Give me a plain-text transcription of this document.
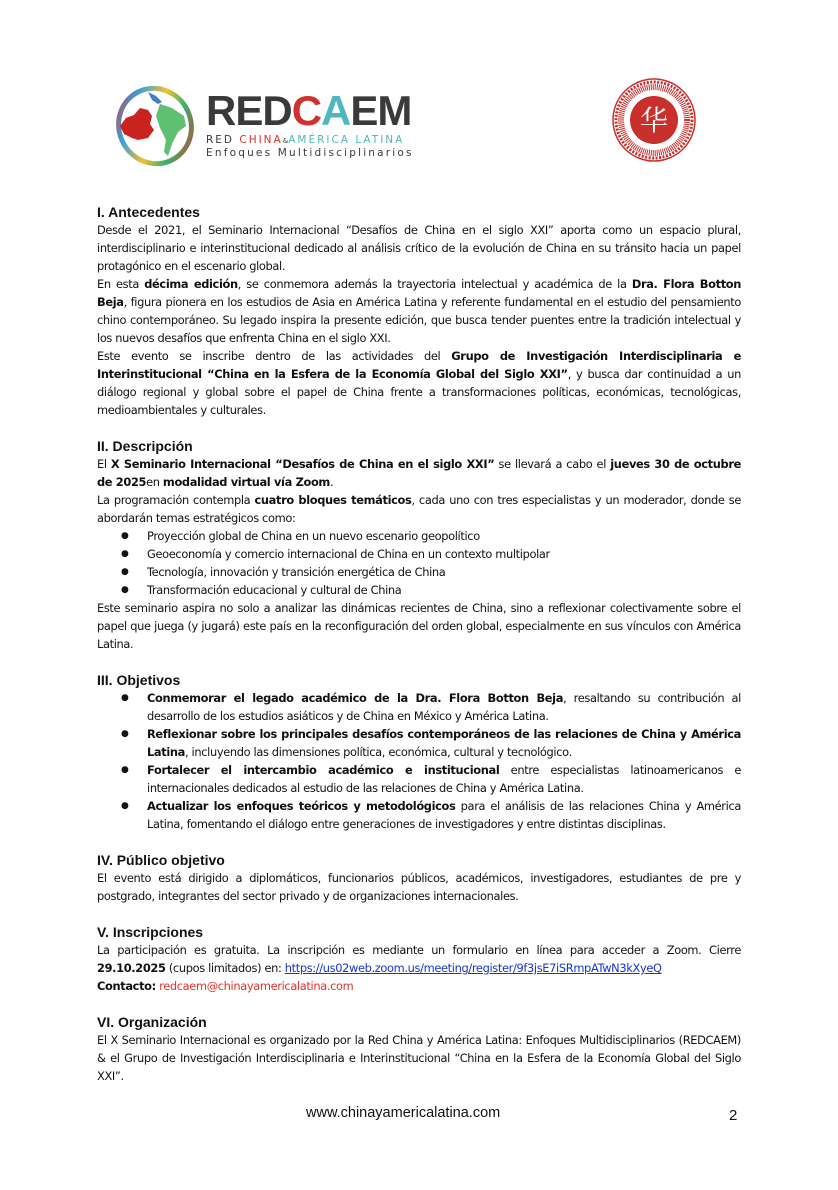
REDCAEM
RED CHINA&AMÉRICA LATINA
Enfoques Multidisciplinarios
华
I. Antecedentes

Desde el 2021, el Seminario Internacional “Desafíos de China en el siglo XXI” aporta como un espacio plural, interdisciplinario e interinstitucional dedicado al análisis crítico de la evolución de China en su tránsito hacia un papel protagónico en el escenario global.

En esta décima edición, se conmemora además la trayectoria intelectual y académica de la Dra. Flora Botton Beja, figura pionera en los estudios de Asia en América Latina y referente fundamental en el estudio del pensamiento chino contemporáneo. Su legado inspira la presente edición, que busca tender puentes entre la tradición intelectual y los nuevos desafíos que enfrenta China en el siglo XXI.

Este evento se inscribe dentro de las actividades del Grupo de Investigación Interdisciplinaria e Interinstitucional “China en la Esfera de la Economía Global del Siglo XXI”, y busca dar continuidad a un diálogo regional y global sobre el papel de China frente a transformaciones políticas, económicas, tecnológicas, medioambientales y culturales.

II. Descripción

El X Seminario Internacional “Desafíos de China en el siglo XXI” se llevará a cabo el jueves 30 de octubre de 2025en modalidad virtual vía Zoom.

La programación contempla cuatro bloques temáticos, cada uno con tres especialistas y un moderador, donde se abordarán temas estratégicos como:

● Proyección global de China en un nuevo escenario geopolítico
● Geoeconomía y comercio internacional de China en un contexto multipolar
● Tecnología, innovación y transición energética de China
● Transformación educacional y cultural de China

Este seminario aspira no solo a analizar las dinámicas recientes de China, sino a reflexionar colectivamente sobre el papel que juega (y jugará) este país en la reconfiguración del orden global, especialmente en sus vínculos con América Latina.

III. Objetivos
● Conmemorar el legado académico de la Dra. Flora Botton Beja, resaltando su contribución al desarrollo de los estudios asiáticos y de China en México y América Latina.
● Reflexionar sobre los principales desafíos contemporáneos de las relaciones de China y América Latina, incluyendo las dimensiones política, económica, cultural y tecnológico.
● Fortalecer el intercambio académico e institucional entre especialistas latinoamericanos e internacionales dedicados al estudio de las relaciones de China y América Latina.
● Actualizar los enfoques teóricos y metodológicos para el análisis de las relaciones China y América Latina, fomentando el diálogo entre generaciones de investigadores y entre distintas disciplinas.
IV. Público objetivo

El evento está dirigido a diplomáticos, funcionarios públicos, académicos, investigadores, estudiantes de pre y postgrado, integrantes del sector privado y de organizaciones internacionales.

V. Inscripciones

La participación es gratuita. La inscripción es mediante un formulario en línea para acceder a Zoom. Cierre 29.10.2025 (cupos limitados) en: https://us02web.zoom.us/meeting/register/9f3jsE7iSRmpATwN3kXyeQ

Contacto: redcaem@chinayamericalatina.com

VI. Organización

El X Seminario Internacional es organizado por la Red China y América Latina: Enfoques Multidisciplinarios (REDCAEM) & el Grupo de Investigación Interdisciplinaria e Interinstitucional “China en la Esfera de la Economía Global del Siglo XXI”.

www.chinayamericalatina.com	2
